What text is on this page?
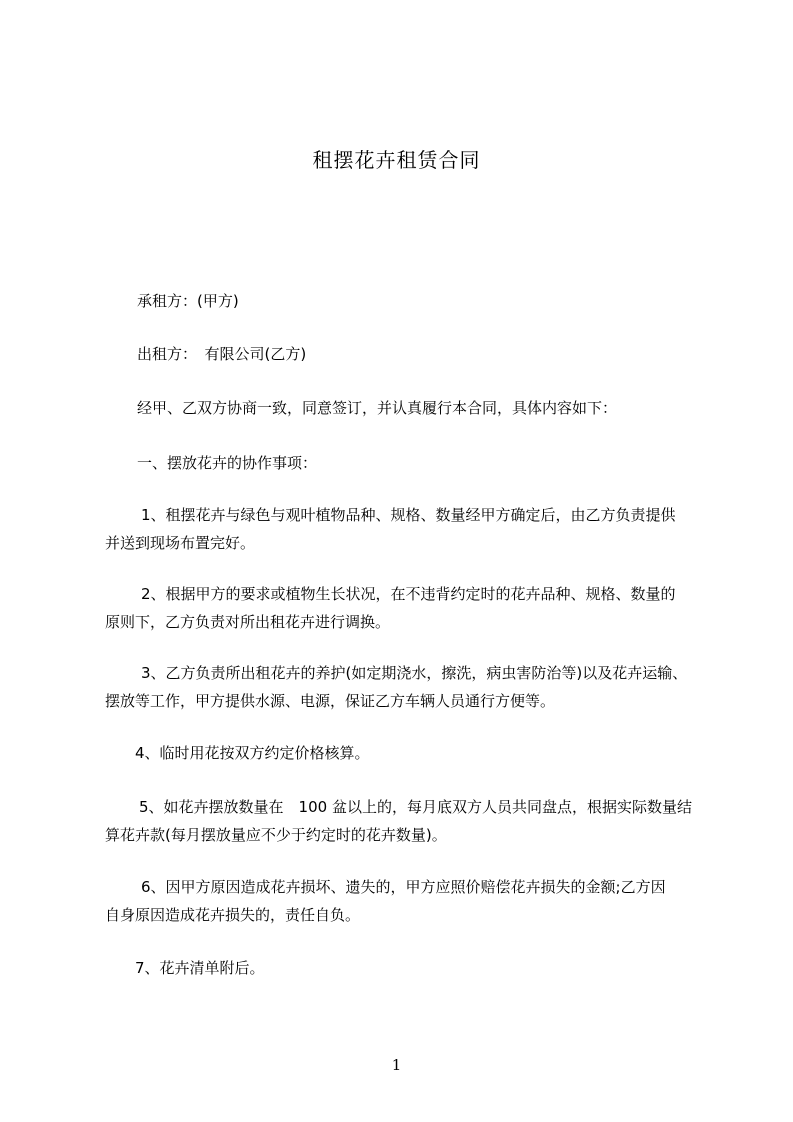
租摆花卉租赁合同
承租方：(甲方)
出租方：　有限公司(乙方)
经甲、乙双方协商一致，同意签订，并认真履行本合同，具体内容如下：
一、摆放花卉的协作事项：
1、租摆花卉与绿色与观叶植物品种、规格、数量经甲方确定后，由乙方负责提供
并送到现场布置完好。
2、根据甲方的要求或植物生长状况，在不违背约定时的花卉品种、规格、数量的
原则下，乙方负责对所出租花卉进行调换。
3、乙方负责所出租花卉的养护(如定期浇水，擦洗，病虫害防治等)以及花卉运输、
摆放等工作，甲方提供水源、电源，保证乙方车辆人员通行方便等。
4、临时用花按双方约定价格核算。
5、如花卉摆放数量在　100 盆以上的，每月底双方人员共同盘点，根据实际数量结
算花卉款(每月摆放量应不少于约定时的花卉数量)。
6、因甲方原因造成花卉损坏、遗失的，甲方应照价赔偿花卉损失的金额;乙方因
自身原因造成花卉损失的，责任自负。
7、花卉清单附后。
1
